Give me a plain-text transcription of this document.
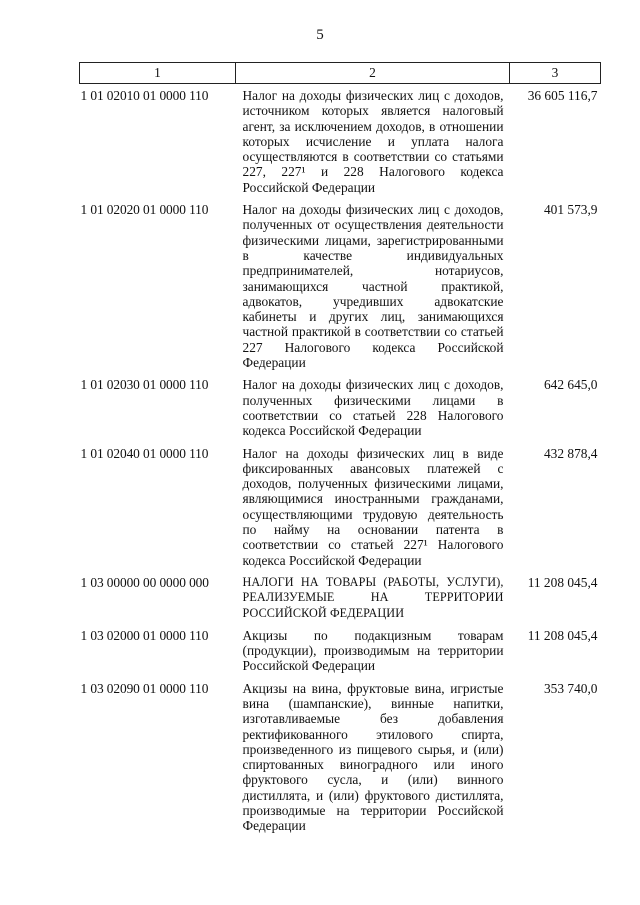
5
1	2	3
1 01 02010 01 0000 110	Налог на доходы физических лиц с доходов, источником которых является налоговый агент, за исключением доходов, в отношении которых исчисление и уплата налога осуществляются в соответствии со статьями 227, 227¹ и 228 Налогового кодекса Российской Федерации	36 605 116,7
1 01 02020 01 0000 110	Налог на доходы физических лиц с доходов, полученных от осуществления деятельности физическими лицами, зарегистрированными в качестве индивидуальных предпринимателей, нотариусов, занимающихся частной практикой, адвокатов, учредивших адвокатские кабинеты и других лиц, занимающихся частной практикой в соответствии со статьей 227 Налогового кодекса Российской Федерации	401 573,9
1 01 02030 01 0000 110	Налог на доходы физических лиц с доходов, полученных физическими лицами в соответствии со статьей 228 Налогового кодекса Российской Федерации	642 645,0
1 01 02040 01 0000 110	Налог на доходы физических лиц в виде фиксированных авансовых платежей с доходов, полученных физическими лицами, являющимися иностранными гражданами, осуществляющими трудовую деятельность по найму на основании патента в соответствии со статьей 227¹ Налогового кодекса Российской Федерации	432 878,4
1 03 00000 00 0000 000	НАЛОГИ НА ТОВАРЫ (РАБОТЫ, УСЛУГИ), РЕАЛИЗУЕМЫЕ НА ТЕРРИТОРИИ РОССИЙСКОЙ ФЕДЕРАЦИИ	11 208 045,4
1 03 02000 01 0000 110	Акцизы по подакцизным товарам (продукции), производимым на территории Российской Федерации	11 208 045,4
1 03 02090 01 0000 110	Акцизы на вина, фруктовые вина, игристые вина (шампанские), винные напитки, изготавливаемые без добавления ректификованного этилового спирта, произведенного из пищевого сырья, и (или) спиртованных виноградного или иного фруктового сусла, и (или) винного дистиллята, и (или) фруктового дистиллята, производимые на территории Российской Федерации	353 740,0
